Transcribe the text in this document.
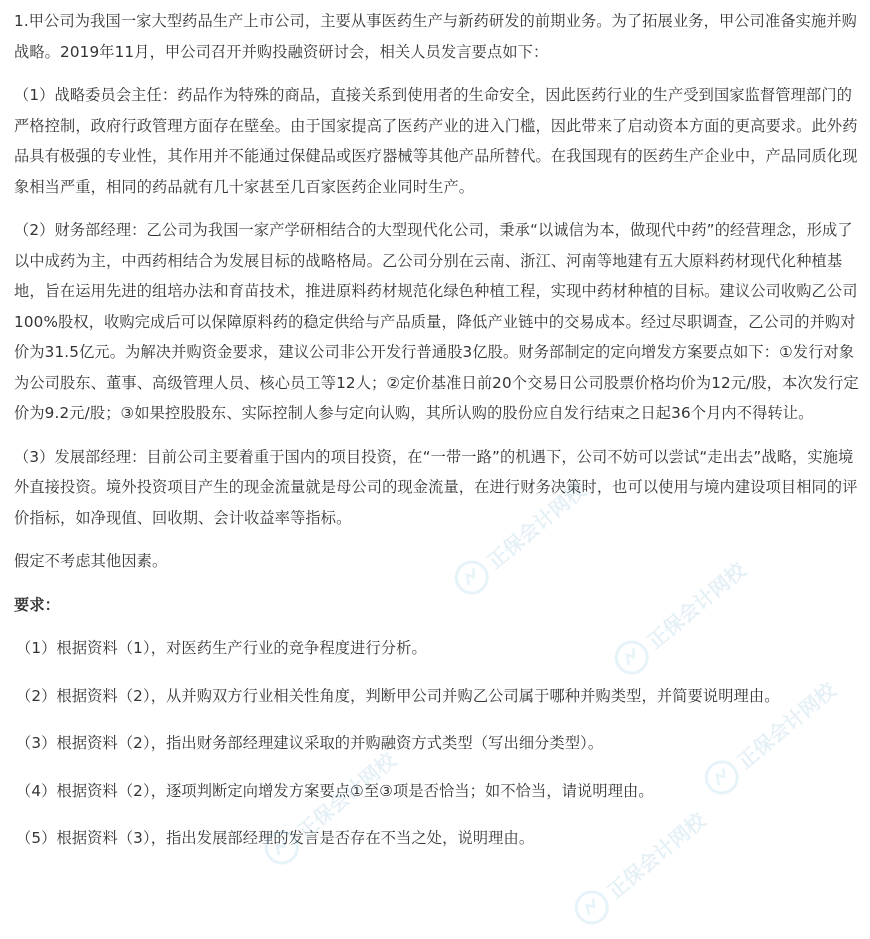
1.甲公司为我国一家大型药品生产上市公司，主要从事医药生产与新药研发的前期业务。为了拓展业务，甲公司准备实施并购战略。2019年11月，甲公司召开并购投融资研讨会，相关人员发言要点如下：

（1）战略委员会主任：药品作为特殊的商品，直接关系到使用者的生命安全，因此医药行业的生产受到国家监督管理部门的严格控制，政府行政管理方面存在壁垒。由于国家提高了医药产业的进入门槛，因此带来了启动资本方面的更高要求。此外药品具有极强的专业性，其作用并不能通过保健品或医疗器械等其他产品所替代。在我国现有的医药生产企业中，产品同质化现象相当严重，相同的药品就有几十家甚至几百家医药企业同时生产。

（2）财务部经理：乙公司为我国一家产学研相结合的大型现代化公司，秉承“以诚信为本，做现代中药”的经营理念，形成了以中成药为主，中西药相结合为发展目标的战略格局。乙公司分别在云南、浙江、河南等地建有五大原料药材现代化种植基地，旨在运用先进的组培办法和育苗技术，推进原料药材规范化绿色种植工程，实现中药材种植的目标。建议公司收购乙公司100%股权，收购完成后可以保障原料药的稳定供给与产品质量，降低产业链中的交易成本。经过尽职调查，乙公司的并购对价为31.5亿元。为解决并购资金要求，建议公司非公开发行普通股3亿股。财务部制定的定向增发方案要点如下：①发行对象为公司股东、董事、高级管理人员、核心员工等12人；②定价基准日前20个交易日公司股票价格均价为12元/股，本次发行定价为9.2元/股；③如果控股股东、实际控制人参与定向认购，其所认购的股份应自发行结束之日起36个月内不得转让。

（3）发展部经理：目前公司主要着重于国内的项目投资，在“一带一路”的机遇下，公司不妨可以尝试“走出去”战略，实施境外直接投资。境外投资项目产生的现金流量就是母公司的现金流量，在进行财务决策时，也可以使用与境内建设项目相同的评价指标，如净现值、回收期、会计收益率等指标。

假定不考虑其他因素。

要求：

（1）根据资料（1），对医药生产行业的竞争程度进行分析。

（2）根据资料（2），从并购双方行业相关性角度，判断甲公司并购乙公司属于哪种并购类型，并简要说明理由。

（3）根据资料（2），指出财务部经理建议采取的并购融资方式类型（写出细分类型）。

（4）根据资料（2），逐项判断定向增发方案要点①至③项是否恰当；如不恰当，请说明理由。

（5）根据资料（3），指出发展部经理的发言是否存在不当之处，说明理由。

正保会计网校
正保会计网校
正保会计网校
正保会计网校
正保会计网校
